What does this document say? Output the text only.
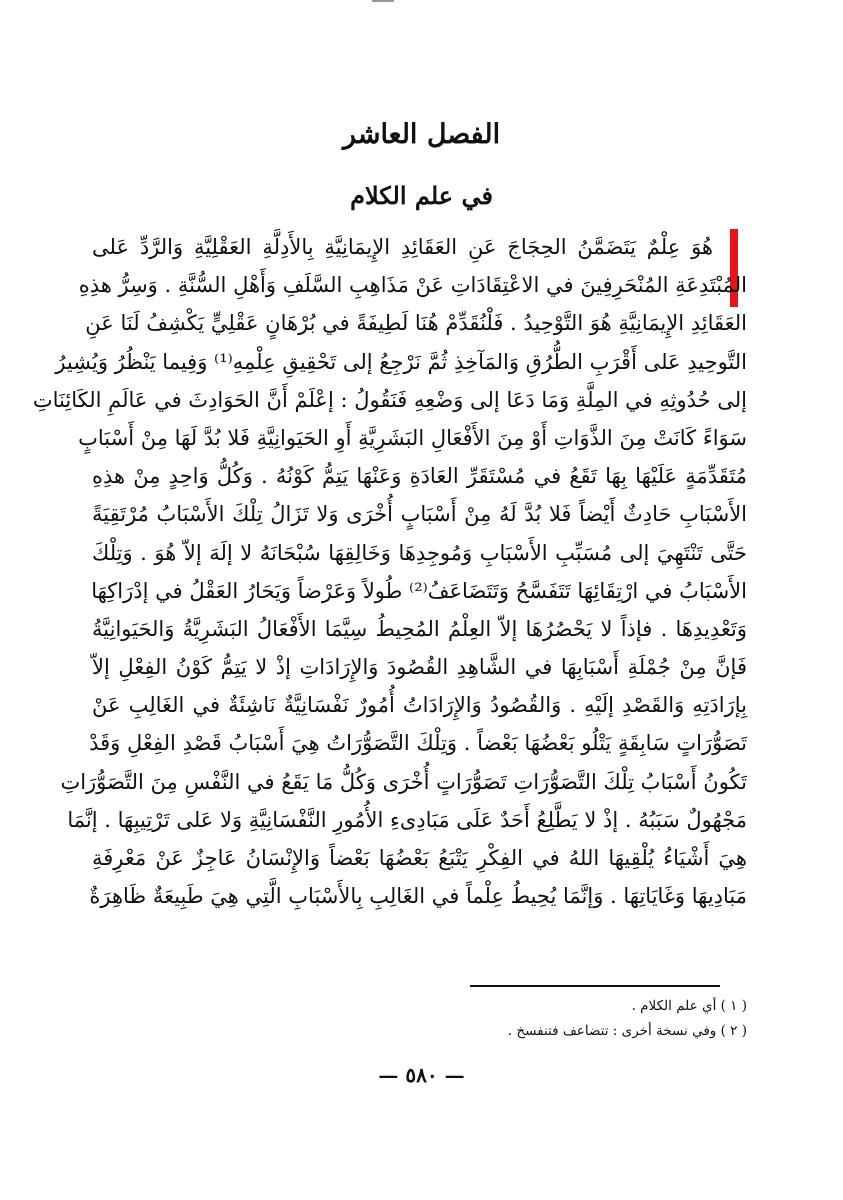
الفصل العاشر
في علم الكلام
هُوَ عِلْمٌ يَتَضَمَّنُ الحِجَاجَ عَنِ العَقَائِدِ الإِيمَانِيَّةِ بِالأَدِلَّةِ العَقْلِيَّةِ وَالرَّدِّ عَلى
المُبْتَدِعَةِ المُنْحَرِفِينَ في الاعْتِقَادَاتِ عَنْ مَذَاهِبِ السَّلَفِ وَأَهْلِ السُّنَّةِ . وَسِرُّ هذِهِ
العَقَائِدِ الإِيمَانِيَّةِ هُوَ التَّوْحِيدُ . فَلْنُقَدِّمْ هُنَا لَطِيفَةً في بُرْهَانٍ عَقْلِيٍّ يَكْشِفُ لَنَا عَنِ
التَّوحِيدِ عَلى أَقْرَبِ الطُّرُقِ وَالمَآخِذِ ثُمَّ نَرْجِعُ إلى تَحْقِيقِ عِلْمِهِ⁽¹⁾ وَفِيما يَنْظُرُ وَيُشِيرُ
إلى حُدُوثِهِ في المِلَّةِ وَمَا دَعَا إلى وَضْعِهِ فَنَقُولُ : إعْلَمْ أَنَّ الحَوَادِثَ في عَالَمِ الكَائِنَاتِ
سَوَاءً كَانَتْ مِنَ الذَّوَاتِ أَوْ مِنَ الأَفْعَالِ البَشَرِيَّةِ أَوِ الحَيَوانِيَّةِ فَلا بُدَّ لَهَا مِنْ أَسْبَابٍ
مُتَقَدِّمَةٍ عَلَيْهَا بِهَا تَقَعُ في مُسْتَقَرِّ العَادَةِ وَعَنْهَا يَتِمُّ كَوْنُهُ . وَكُلُّ وَاحِدٍ مِنْ هذِهِ
الأَسْبَابِ حَادِثٌ أَيْضاً فَلا بُدَّ لَهُ مِنْ أَسْبَابٍ أُخْرَى وَلا تَزَالُ تِلْكَ الأَسْبَابُ مُرْتَقِيَةً
حَتَّى تَنْتَهِيَ إلى مُسَبِّبِ الأَسْبَابِ وَمُوجِدِهَا وَخَالِقِهَا سُبْحَانَهُ لا إلَهَ إلاّ هُوَ . وَتِلْكَ
الأَسْبَابُ في ارْتِقَائِهَا تَتَفَسَّحُ وَتَتَضَاعَفُ⁽²⁾ طُولاً وَعَرْضاً وَيَحَارُ العَقْلُ في إدْرَاكِهَا
وَتَعْدِيدِهَا . فإذاً لا يَحْصُرُهَا إلاّ العِلْمُ المُحِيطُ سِيَّمَا الأَفْعَالُ البَشَرِيَّةُ وَالحَيَوانِيَّةُ
فَإنَّ مِنْ جُمْلَةِ أَسْبَابِهَا في الشَّاهِدِ القُصُودَ وَالإِرَادَاتِ إذْ لا يَتِمُّ كَوْنُ الفِعْلِ إلاّ
بِإرَادَتِهِ وَالقَصْدِ إلَيْهِ . وَالقُصُودُ وَالإِرَادَاتُ أُمُورٌ نَفْسَانِيَّةٌ نَاشِئَةٌ في الغَالِبِ عَنْ
تَصَوُّرَاتٍ سَابِقَةٍ يَتْلُو بَعْضُهَا بَعْضاً . وَتِلْكَ التَّصَوُّرَاتُ هِيَ أَسْبَابُ قَصْدِ الفِعْلِ وَقَدْ
تَكُونُ أَسْبَابُ تِلْكَ التَّصَوُّرَاتِ تَصَوُّرَاتٍ أُخْرَى وَكُلُّ مَا يَقَعُ في النَّفْسِ مِنَ التَّصَوُّرَاتِ
مَجْهُولٌ سَبَبُهُ . إذْ لا يَطَّلِعُ أَحَدٌ عَلَى مَبَادِىءِ الأُمُورِ النَّفْسَانِيَّةِ وَلا عَلى تَرْتِيبِهَا . إنَّمَا
هِيَ أَشْيَاءُ يُلْقِيهَا اللهُ في الفِكْرِ يَتْبَعُ بَعْضُهَا بَعْضاً وَالإِنْسَانُ عَاجِزٌ عَنْ مَعْرِفَةِ
مَبَادِيهَا وَغَايَاتِهَا . وَإنَّمَا يُحِيطُ عِلْماً في الغَالِبِ بِالأَسْبَابِ الَّتِي هِيَ طَبِيعَةٌ ظَاهِرَةٌ
( ١ ) أي علم الكلام .
( ٢ ) وفي نسخة أخرى : تتضاعف فتنفسخ .
— ٥٨٠ —
